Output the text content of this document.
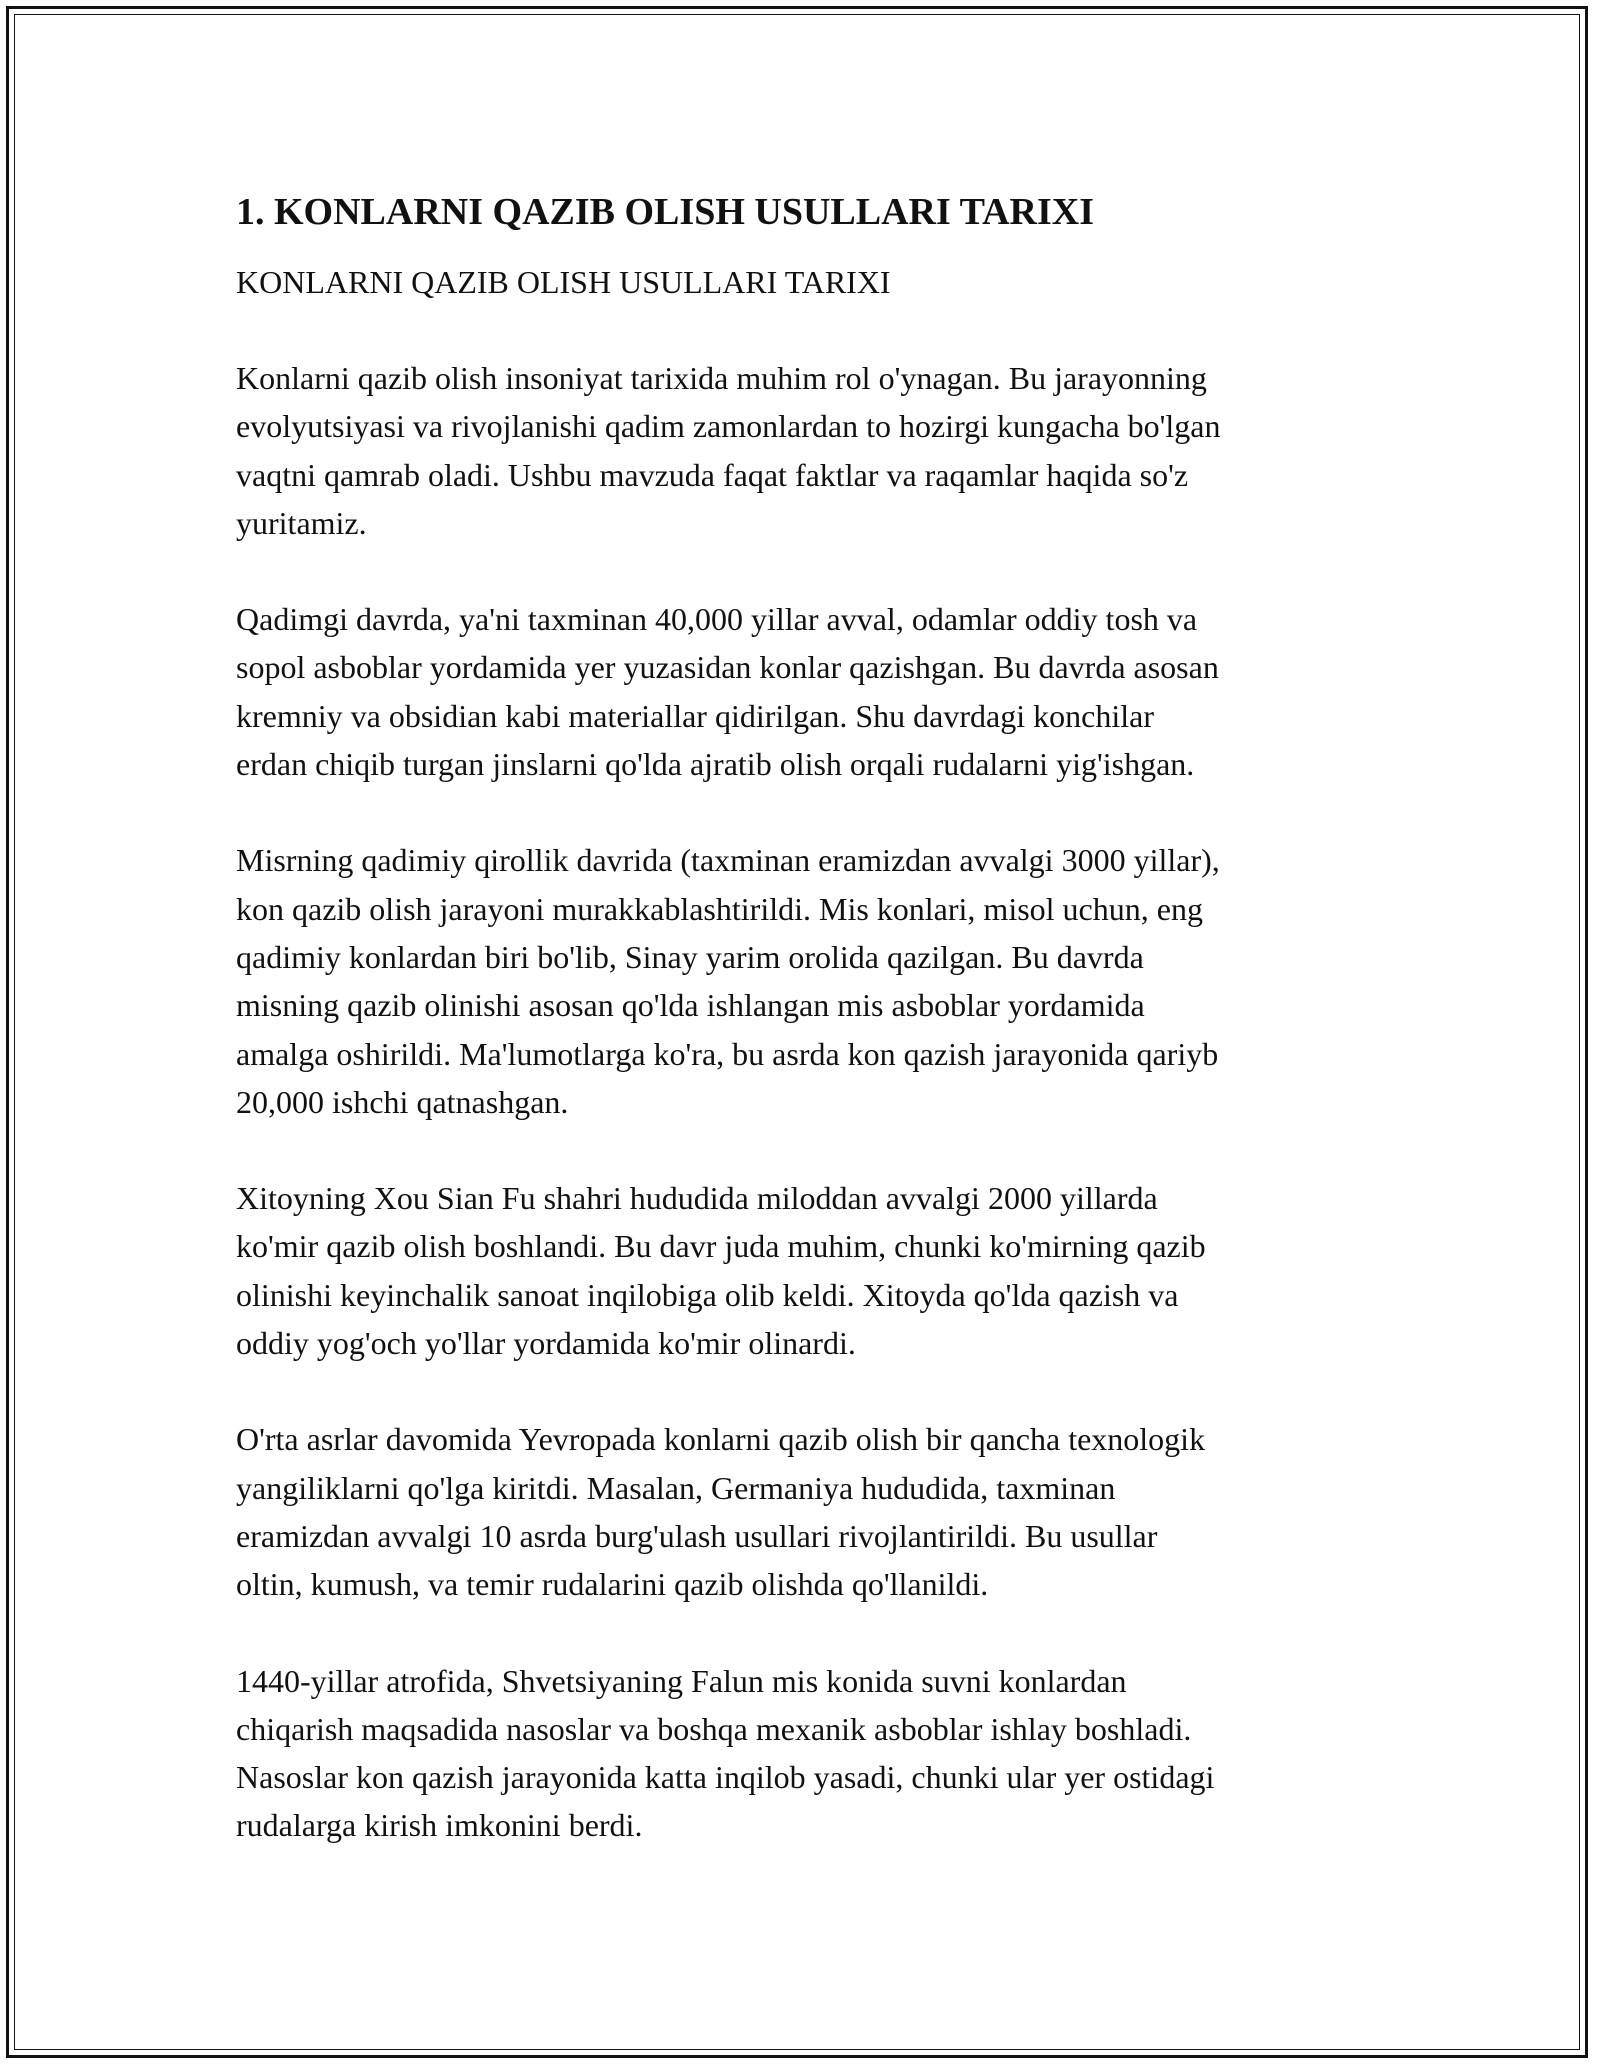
1. KONLARNI QAZIB OLISH USULLARI TARIXI
KONLARNI QAZIB OLISH USULLARI TARIXI

Konlarni qazib olish insoniyat tarixida muhim rol o'ynagan. Bu jarayonning
evolyutsiyasi va rivojlanishi qadim zamonlardan to hozirgi kungacha bo'lgan
vaqtni qamrab oladi. Ushbu mavzuda faqat faktlar va raqamlar haqida so'z
yuritamiz.

Qadimgi davrda, ya'ni taxminan 40,000 yillar avval, odamlar oddiy tosh va
sopol asboblar yordamida yer yuzasidan konlar qazishgan. Bu davrda asosan
kremniy va obsidian kabi materiallar qidirilgan. Shu davrdagi konchilar
erdan chiqib turgan jinslarni qo'lda ajratib olish orqali rudalarni yig'ishgan.

Misrning qadimiy qirollik davrida (taxminan eramizdan avvalgi 3000 yillar),
kon qazib olish jarayoni murakkablashtirildi. Mis konlari, misol uchun, eng
qadimiy konlardan biri bo'lib, Sinay yarim orolida qazilgan. Bu davrda
misning qazib olinishi asosan qo'lda ishlangan mis asboblar yordamida
amalga oshirildi. Ma'lumotlarga ko'ra, bu asrda kon qazish jarayonida qariyb
20,000 ishchi qatnashgan.

Xitoyning Xou Sian Fu shahri hududida miloddan avvalgi 2000 yillarda
ko'mir qazib olish boshlandi. Bu davr juda muhim, chunki ko'mirning qazib
olinishi keyinchalik sanoat inqilobiga olib keldi. Xitoyda qo'lda qazish va
oddiy yog'och yo'llar yordamida ko'mir olinardi.

O'rta asrlar davomida Yevropada konlarni qazib olish bir qancha texnologik
yangiliklarni qo'lga kiritdi. Masalan, Germaniya hududida, taxminan
eramizdan avvalgi 10 asrda burg'ulash usullari rivojlantirildi. Bu usullar
oltin, kumush, va temir rudalarini qazib olishda qo'llanildi.

1440-yillar atrofida, Shvetsiyaning Falun mis konida suvni konlardan
chiqarish maqsadida nasoslar va boshqa mexanik asboblar ishlay boshladi.
Nasoslar kon qazish jarayonida katta inqilob yasadi, chunki ular yer ostidagi
rudalarga kirish imkonini berdi.
